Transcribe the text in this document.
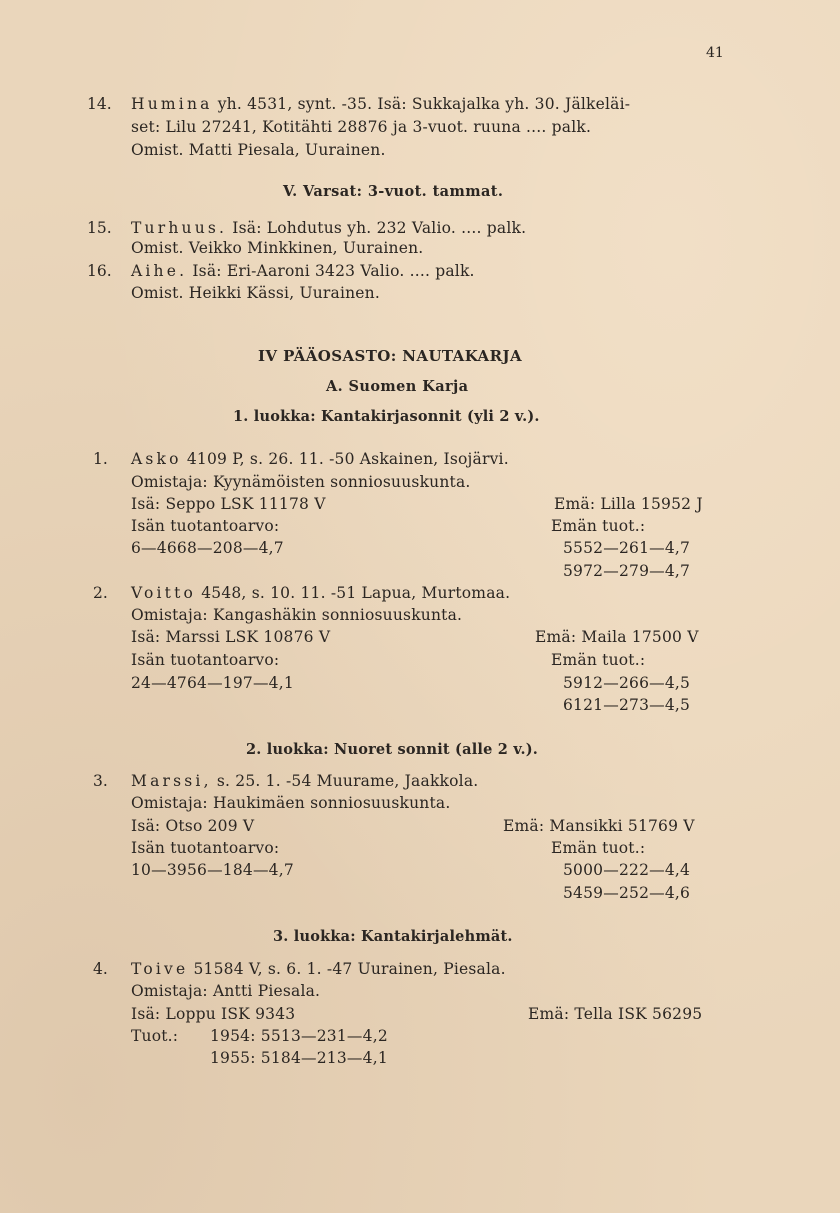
41
14. Humina yh. 4531, synt. -35. Isä: Sukkajalka yh. 30. Jälkeläi-
set: Lilu 27241, Kotitähti 28876 ja 3-vuot. ruuna .... palk.
Omist. Matti Piesala, Uurainen.
V. Varsat: 3-vuot. tammat.
15. Turhuus. Isä: Lohdutus yh. 232 Valio. .... palk.
Omist. Veikko Minkkinen, Uurainen.
16. Aihe. Isä: Eri-Aaroni 3423 Valio. .... palk.
Omist. Heikki Kässi, Uurainen.
IV PÄÄOSASTO: NAUTAKARJA
A. Suomen Karja
1. luokka: Kantakirjasonnit (yli 2 v.).
1. Asko 4109 P, s. 26. 11. -50 Askainen, Isojärvi.
Omistaja: Kyynämöisten sonniosuuskunta.
Isä: Seppo LSK 11178 V	Emä: Lilla 15952 J
Isän tuotantoarvo:	Emän tuot.:
6—4668—208—4,7	5552—261—4,7
5972—279—4,7
2. Voitto 4548, s. 10. 11. -51 Lapua, Murtomaa.
Omistaja: Kangashäkin sonniosuuskunta.
Isä: Marssi LSK 10876 V	Emä: Maila 17500 V
Isän tuotantoarvo:	Emän tuot.:
24—4764—197—4,1	5912—266—4,5
6121—273—4,5
2. luokka: Nuoret sonnit (alle 2 v.).
3. Marssi, s. 25. 1. -54 Muurame, Jaakkola.
Omistaja: Haukimäen sonniosuuskunta.
Isä: Otso 209 V	Emä: Mansikki 51769 V
Isän tuotantoarvo:	Emän tuot.:
10—3956—184—4,7	5000—222—4,4
5459—252—4,6
3. luokka: Kantakirjalehmät.
4. Toive 51584 V, s. 6. 1. -47 Uurainen, Piesala.
Omistaja: Antti Piesala.
Isä: Loppu ISK 9343	Emä: Tella ISK 56295
Tuot.: 1954: 5513—231—4,2
1955: 5184—213—4,1
